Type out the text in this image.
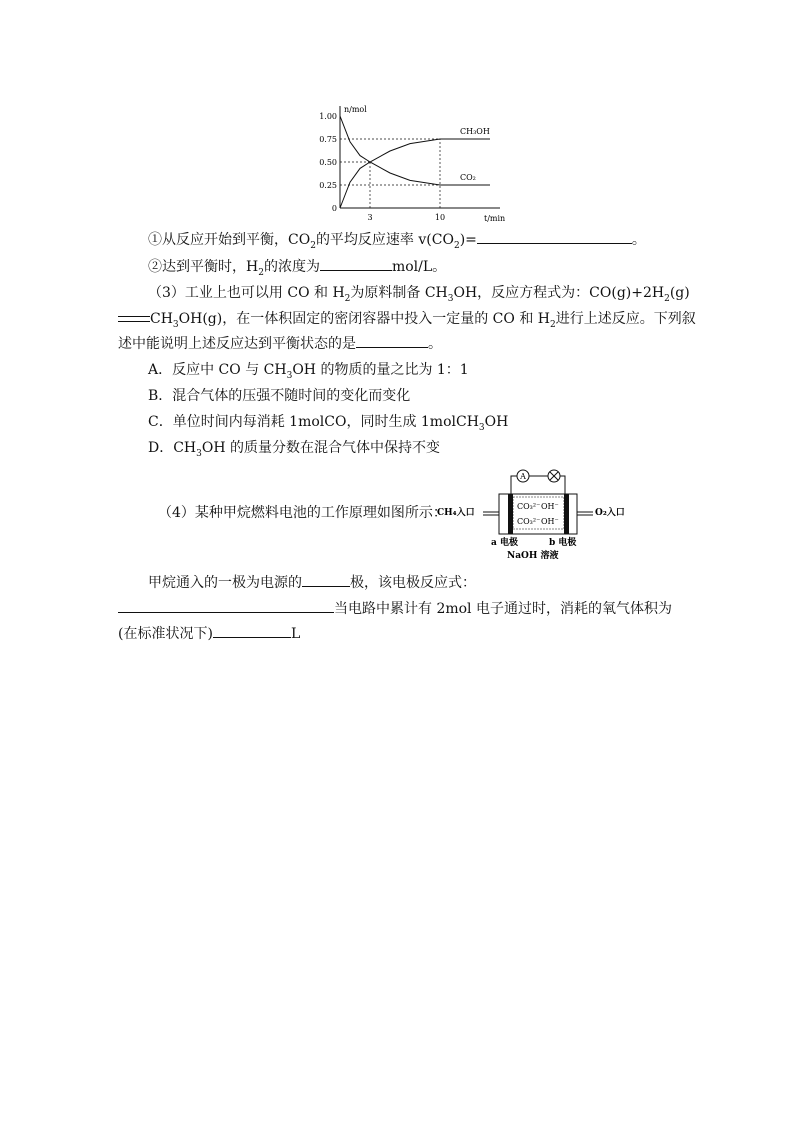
n/mol
t/min
1.00
0.75
0.50
0.25
0
3	10
CH₃OH
CO₂
①从反应开始到平衡，$CO_2$的平均反应速率 $v(CO_2)=$	。
②达到平衡时，$H_2$的浓度为	mol/L。
（3）工业上也可以用 CO 和 $H_2$为原料制备 $CH_3OH$，反应方程式为：$CO(g)+2H_2(g)$
$CH_3OH(g)$，在一体积固定的密闭容器中投入一定量的 CO 和 $H_2$进行上述反应。下列叙
述中能说明上述反应达到平衡状态的是	。
A．反应中 CO 与 $CH_3OH$ 的物质的量之比为 1：1
B．混合气体的压强不随时间的变化而变化
C．单位时间内每消耗 1molCO，同时生成 1molCH$_3$OH
D．$CH_3OH$ 的质量分数在混合气体中保持不变
（4）某种甲烷燃料电池的工作原理如图所示：
A
CH₄入口	O₂入口
CO₃²⁻ OH⁻
CO₃²⁻ OH⁻
a 电极	b 电极
NaOH 溶液
甲烷通入的一极为电源的	极，该电极反应式：
当电路中累计有 2mol 电子通过时，消耗的氧气体积为
(在标准状况下)	L
